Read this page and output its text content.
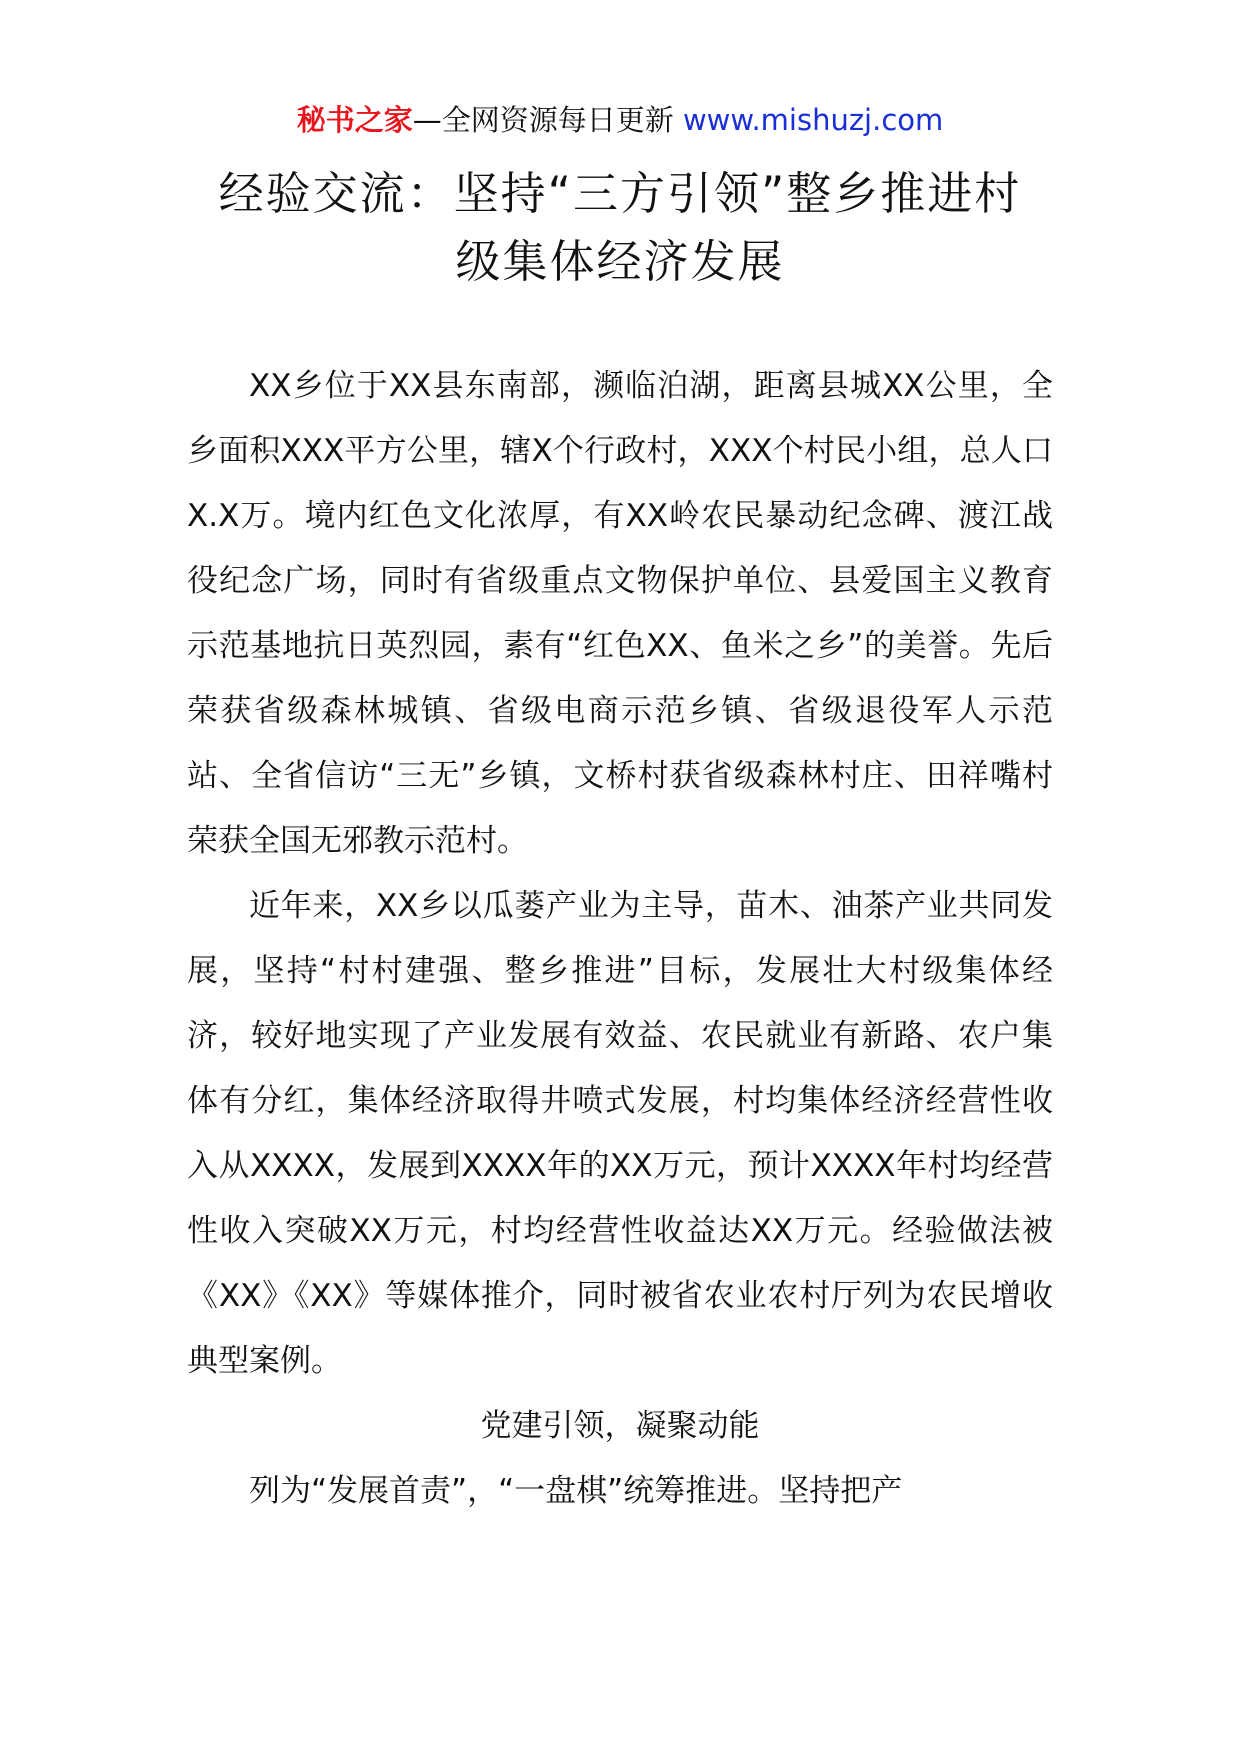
秘书之家—全网资源每日更新 www.mishuzj.com
经验交流：坚持“三方引领”整乡推进村
级集体经济发展

XX乡位于XX县东南部，濒临泊湖，距离县城XX公里，全乡面积XXX平方公里，辖X个行政村，XXX个村民小组，总人口X.X万。境内红色文化浓厚，有XX岭农民暴动纪念碑、渡江战役纪念广场，同时有省级重点文物保护单位、县爱国主义教育示范基地抗日英烈园，素有“红色XX、鱼米之乡”的美誉。先后荣获省级森林城镇、省级电商示范乡镇、省级退役军人示范站、全省信访“三无”乡镇，文桥村获省级森林村庄、田祥嘴村荣获全国无邪教示范村。

近年来，XX乡以瓜蒌产业为主导，苗木、油茶产业共同发展，坚持“村村建强、整乡推进”目标，发展壮大村级集体经济，较好地实现了产业发展有效益、农民就业有新路、农户集体有分红，集体经济取得井喷式发展，村均集体经济经营性收入从XXXX，发展到XXXX年的XX万元，预计XXXX年村均经营性收入突破XX万元，村均经营性收益达XX万元。经验做法被《XX》《XX》等媒体推介，同时被省农业农村厅列为农民增收典型案例。

党建引领，凝聚动能

列为“发展首责”，“一盘棋”统筹推进。坚持把产
